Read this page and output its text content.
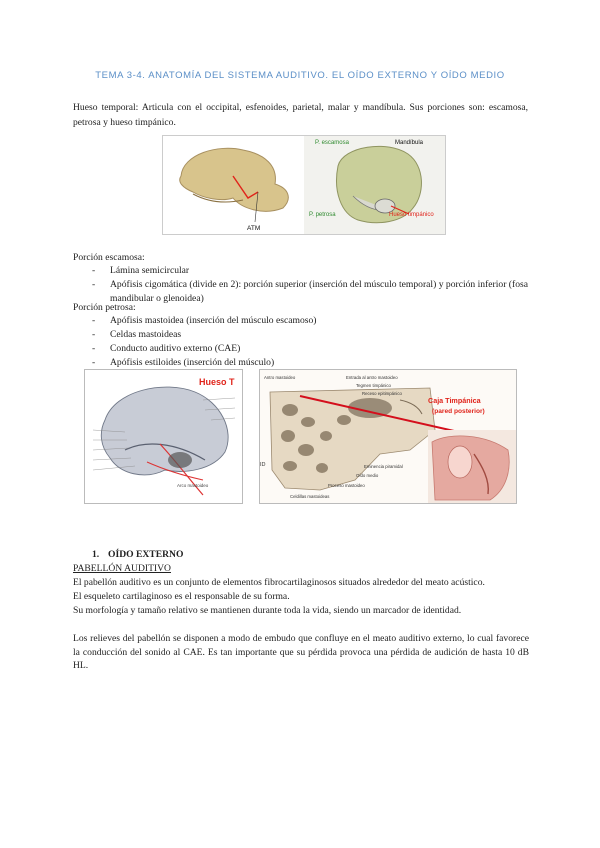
TEMA 3-4. ANATOMÍA DEL SISTEMA AUDITIVO. EL OÍDO EXTERNO Y OÍDO MEDIO
Hueso temporal: Articula con el occipital, esfenoides, parietal, malar y mandíbula. Sus porciones son: escamosa, petrosa y hueso timpánico.
ATM
P. escamosa	Mandíbula
P. petrosa	Hueso timpánico
Porción escamosa:
- Lámina semicircular
- Apófisis cigomática (divide en 2): porción superior (inserción del músculo temporal) y porción inferior (fosa mandibular o glenoidea)
Porción petrosa:
- Apófisis mastoidea (inserción del músculo escamoso)
- Celdas mastoideas
- Conducto auditivo externo (CAE)
- Apófisis estiloides (inserción del músculo)
Hueso T
Arco mastoideo
Antro mastoideo	Entrada al antro mastoideo
Tegmen timpánico
Receso epitimpánico
Eminencia piramidal
Oído medio
Proceso mastoideo
Celdillas mastoideas
ID
Caja Timpánica
(pared posterior)
1. OÍDO EXTERNO
PABELLÓN AUDITIVO
El pabellón auditivo es un conjunto de elementos fibrocartilaginosos situados alrededor del meato acústico.
El esqueleto cartilaginoso es el responsable de su forma.
Su morfología y tamaño relativo se mantienen durante toda la vida, siendo un marcador de identidad.
Los relieves del pabellón se disponen a modo de embudo que confluye en el meato auditivo externo, lo cual favorece la conducción del sonido al CAE. Es tan importante que su pérdida provoca una pérdida de audición de hasta 10 dB HL.
